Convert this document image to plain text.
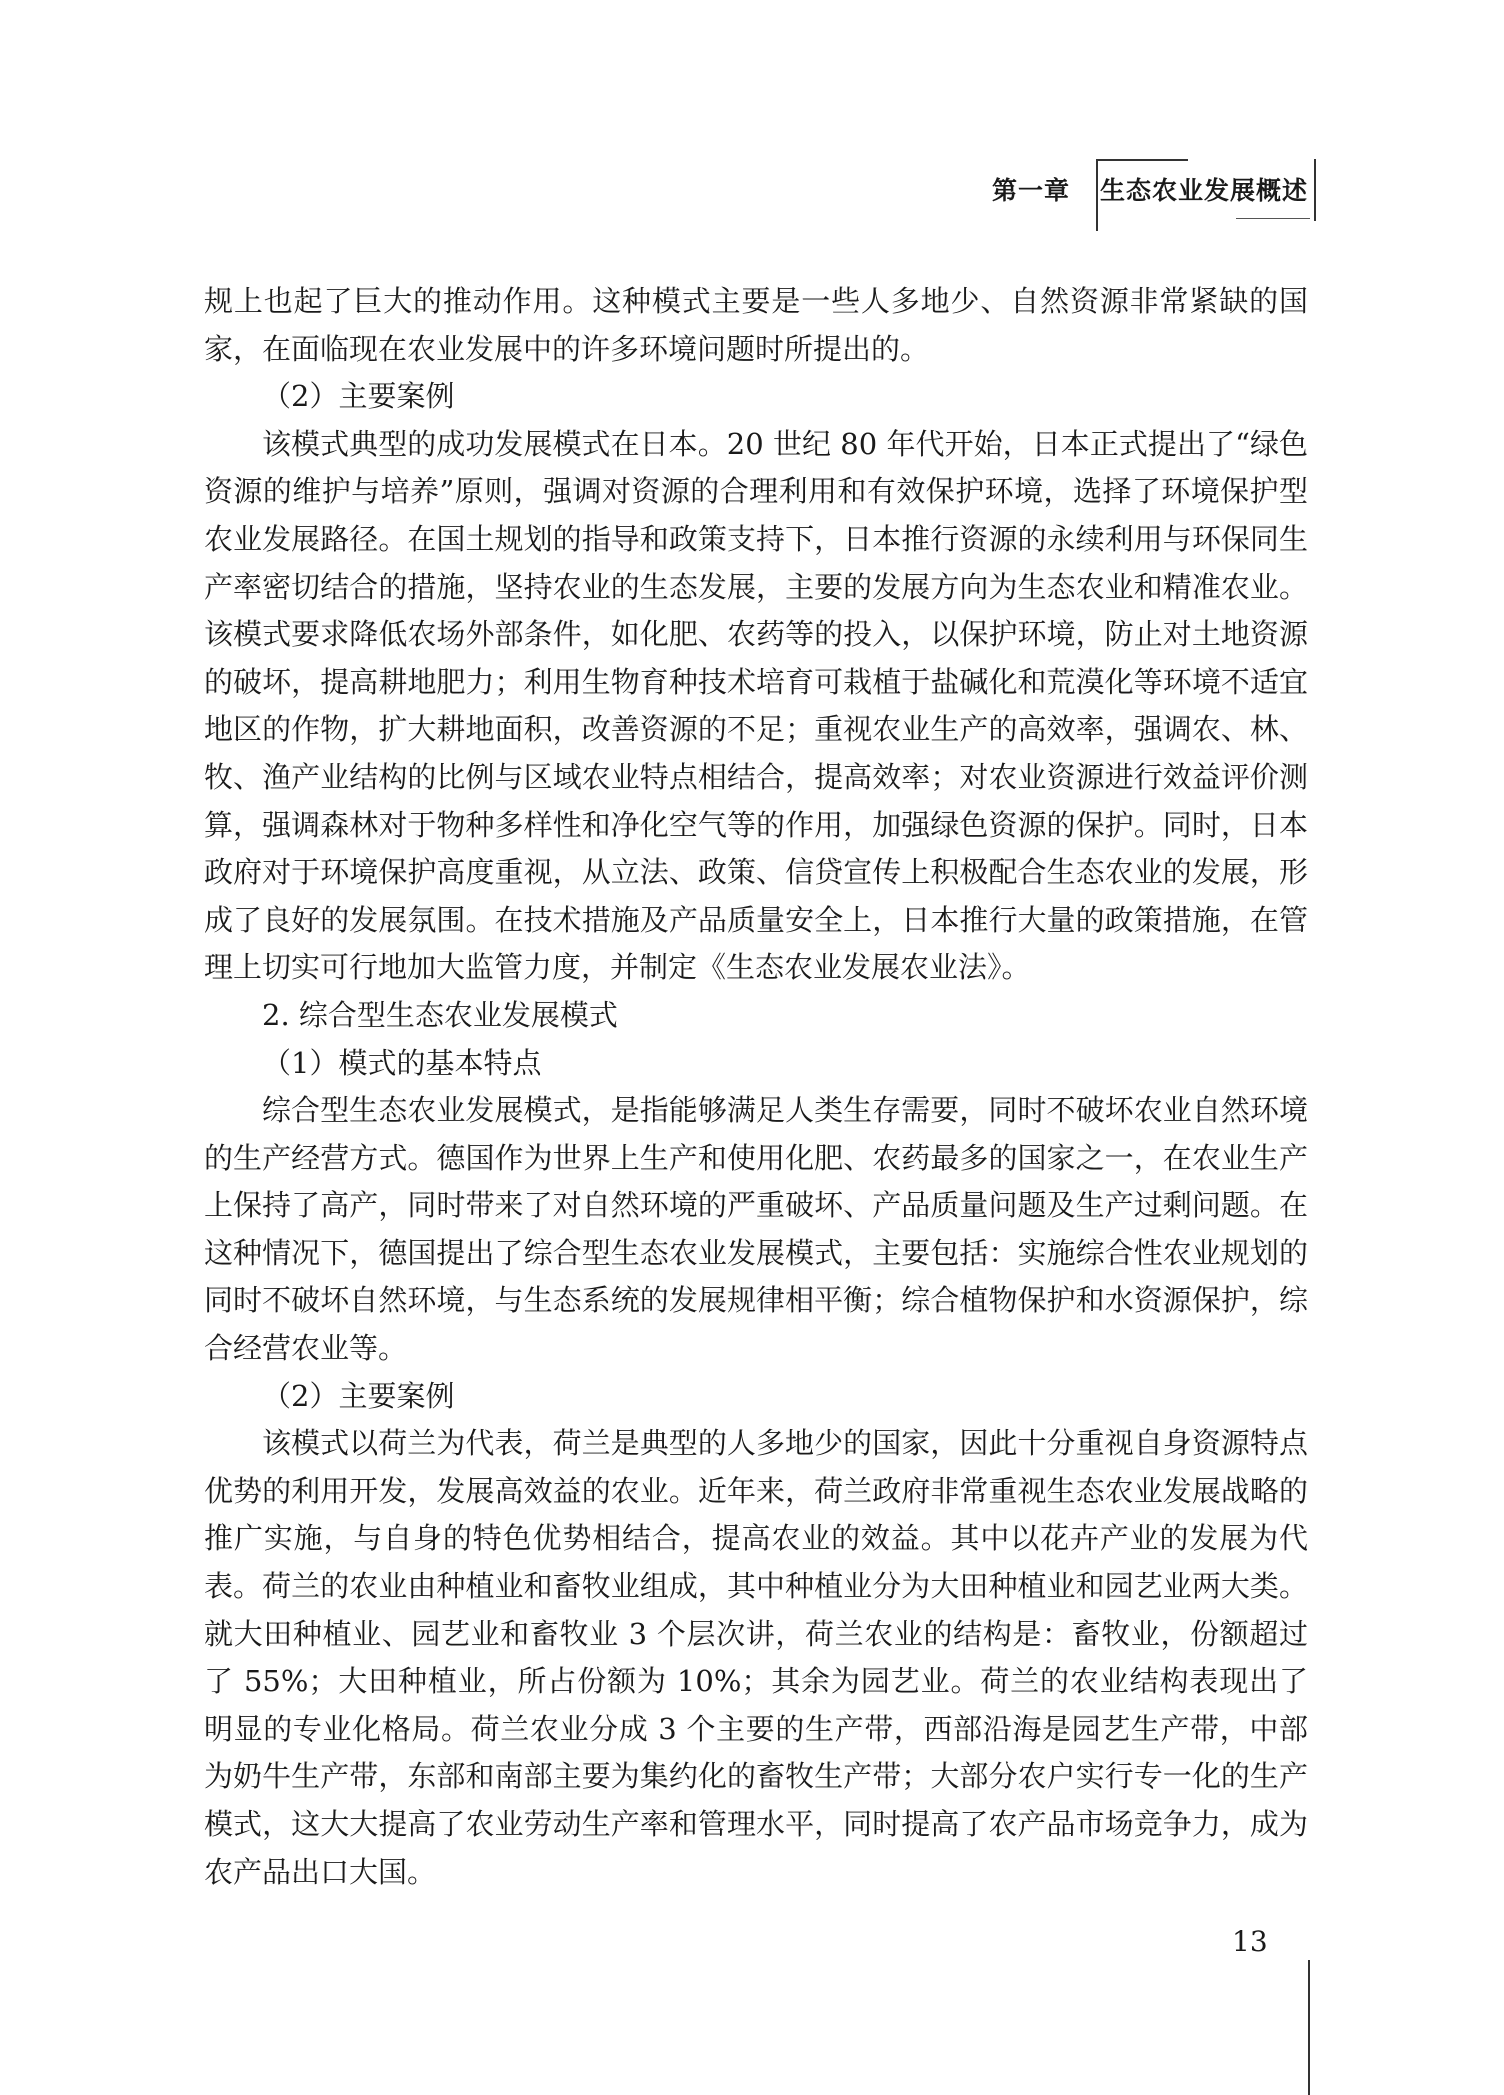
第一章 生态农业发展概述

规上也起了巨大的推动作用。这种模式主要是一些人多地少、自然资源非常紧缺的国家，在面临现在农业发展中的许多环境问题时所提出的。

（2）主要案例

该模式典型的成功发展模式在日本。20 世纪 80 年代开始，日本正式提出了“绿色资源的维护与培养”原则，强调对资源的合理利用和有效保护环境，选择了环境保护型农业发展路径。在国土规划的指导和政策支持下，日本推行资源的永续利用与环保同生产率密切结合的措施，坚持农业的生态发展，主要的发展方向为生态农业和精准农业。该模式要求降低农场外部条件，如化肥、农药等的投入，以保护环境，防止对土地资源的破坏，提高耕地肥力；利用生物育种技术培育可栽植于盐碱化和荒漠化等环境不适宜地区的作物，扩大耕地面积，改善资源的不足；重视农业生产的高效率，强调农、林、牧、渔产业结构的比例与区域农业特点相结合，提高效率；对农业资源进行效益评价测算，强调森林对于物种多样性和净化空气等的作用，加强绿色资源的保护。同时，日本政府对于环境保护高度重视，从立法、政策、信贷宣传上积极配合生态农业的发展，形成了良好的发展氛围。在技术措施及产品质量安全上，日本推行大量的政策措施，在管理上切实可行地加大监管力度，并制定《生态农业发展农业法》。

2. 综合型生态农业发展模式

（1）模式的基本特点

综合型生态农业发展模式，是指能够满足人类生存需要，同时不破坏农业自然环境的生产经营方式。德国作为世界上生产和使用化肥、农药最多的国家之一，在农业生产上保持了高产，同时带来了对自然环境的严重破坏、产品质量问题及生产过剩问题。在这种情况下，德国提出了综合型生态农业发展模式，主要包括：实施综合性农业规划的同时不破坏自然环境，与生态系统的发展规律相平衡；综合植物保护和水资源保护，综合经营农业等。

（2）主要案例

该模式以荷兰为代表，荷兰是典型的人多地少的国家，因此十分重视自身资源特点优势的利用开发，发展高效益的农业。近年来，荷兰政府非常重视生态农业发展战略的推广实施，与自身的特色优势相结合，提高农业的效益。其中以花卉产业的发展为代表。荷兰的农业由种植业和畜牧业组成，其中种植业分为大田种植业和园艺业两大类。就大田种植业、园艺业和畜牧业 3 个层次讲，荷兰农业的结构是：畜牧业，份额超过了 55%；大田种植业，所占份额为 10%；其余为园艺业。荷兰的农业结构表现出了明显的专业化格局。荷兰农业分成 3 个主要的生产带，西部沿海是园艺生产带，中部为奶牛生产带，东部和南部主要为集约化的畜牧生产带；大部分农户实行专一化的生产模式，这大大提高了农业劳动生产率和管理水平，同时提高了农产品市场竞争力，成为农产品出口大国。

13
